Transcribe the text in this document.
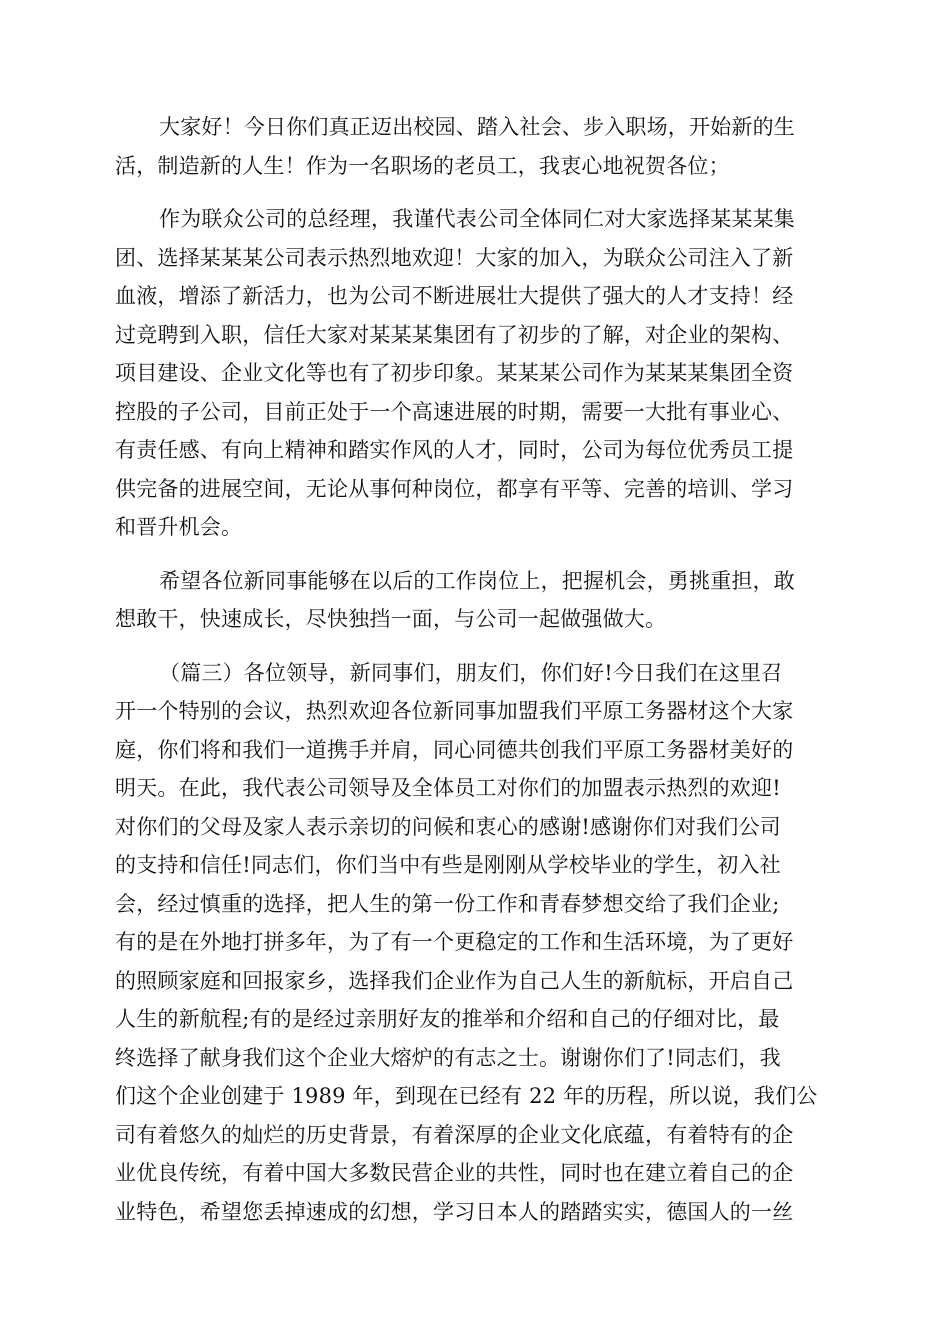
大家好！今日你们真正迈出校园、踏入社会、步入职场，开始新的生
活，制造新的人生！作为一名职场的老员工，我衷心地祝贺各位；
作为联众公司的总经理，我谨代表公司全体同仁对大家选择某某某集
团、选择某某某公司表示热烈地欢迎！大家的加入，为联众公司注入了新
血液，增添了新活力，也为公司不断进展壮大提供了强大的人才支持！经
过竞聘到入职，信任大家对某某某集团有了初步的了解，对企业的架构、
项目建设、企业文化等也有了初步印象。某某某公司作为某某某集团全资
控股的子公司，目前正处于一个高速进展的时期，需要一大批有事业心、
有责任感、有向上精神和踏实作风的人才，同时，公司为每位优秀员工提
供完备的进展空间，无论从事何种岗位，都享有平等、完善的培训、学习
和晋升机会。
希望各位新同事能够在以后的工作岗位上，把握机会，勇挑重担，敢
想敢干，快速成长，尽快独挡一面，与公司一起做强做大。
（篇三）各位领导，新同事们，朋友们，你们好!今日我们在这里召
开一个特别的会议，热烈欢迎各位新同事加盟我们平原工务器材这个大家
庭，你们将和我们一道携手并肩，同心同德共创我们平原工务器材美好的
明天。在此，我代表公司领导及全体员工对你们的加盟表示热烈的欢迎!
对你们的父母及家人表示亲切的问候和衷心的感谢!感谢你们对我们公司
的支持和信任!同志们，你们当中有些是刚刚从学校毕业的学生，初入社
会，经过慎重的选择，把人生的第一份工作和青春梦想交给了我们企业;
有的是在外地打拼多年，为了有一个更稳定的工作和生活环境，为了更好
的照顾家庭和回报家乡，选择我们企业作为自己人生的新航标，开启自己
人生的新航程;有的是经过亲朋好友的推举和介绍和自己的仔细对比，最
终选择了献身我们这个企业大熔炉的有志之士。谢谢你们了!同志们，我
们这个企业创建于 1989 年，到现在已经有 22 年的历程，所以说，我们公
司有着悠久的灿烂的历史背景，有着深厚的企业文化底蕴，有着特有的企
业优良传统，有着中国大多数民营企业的共性，同时也在建立着自己的企
业特色，希望您丢掉速成的幻想，学习日本人的踏踏实实，德国人的一丝
